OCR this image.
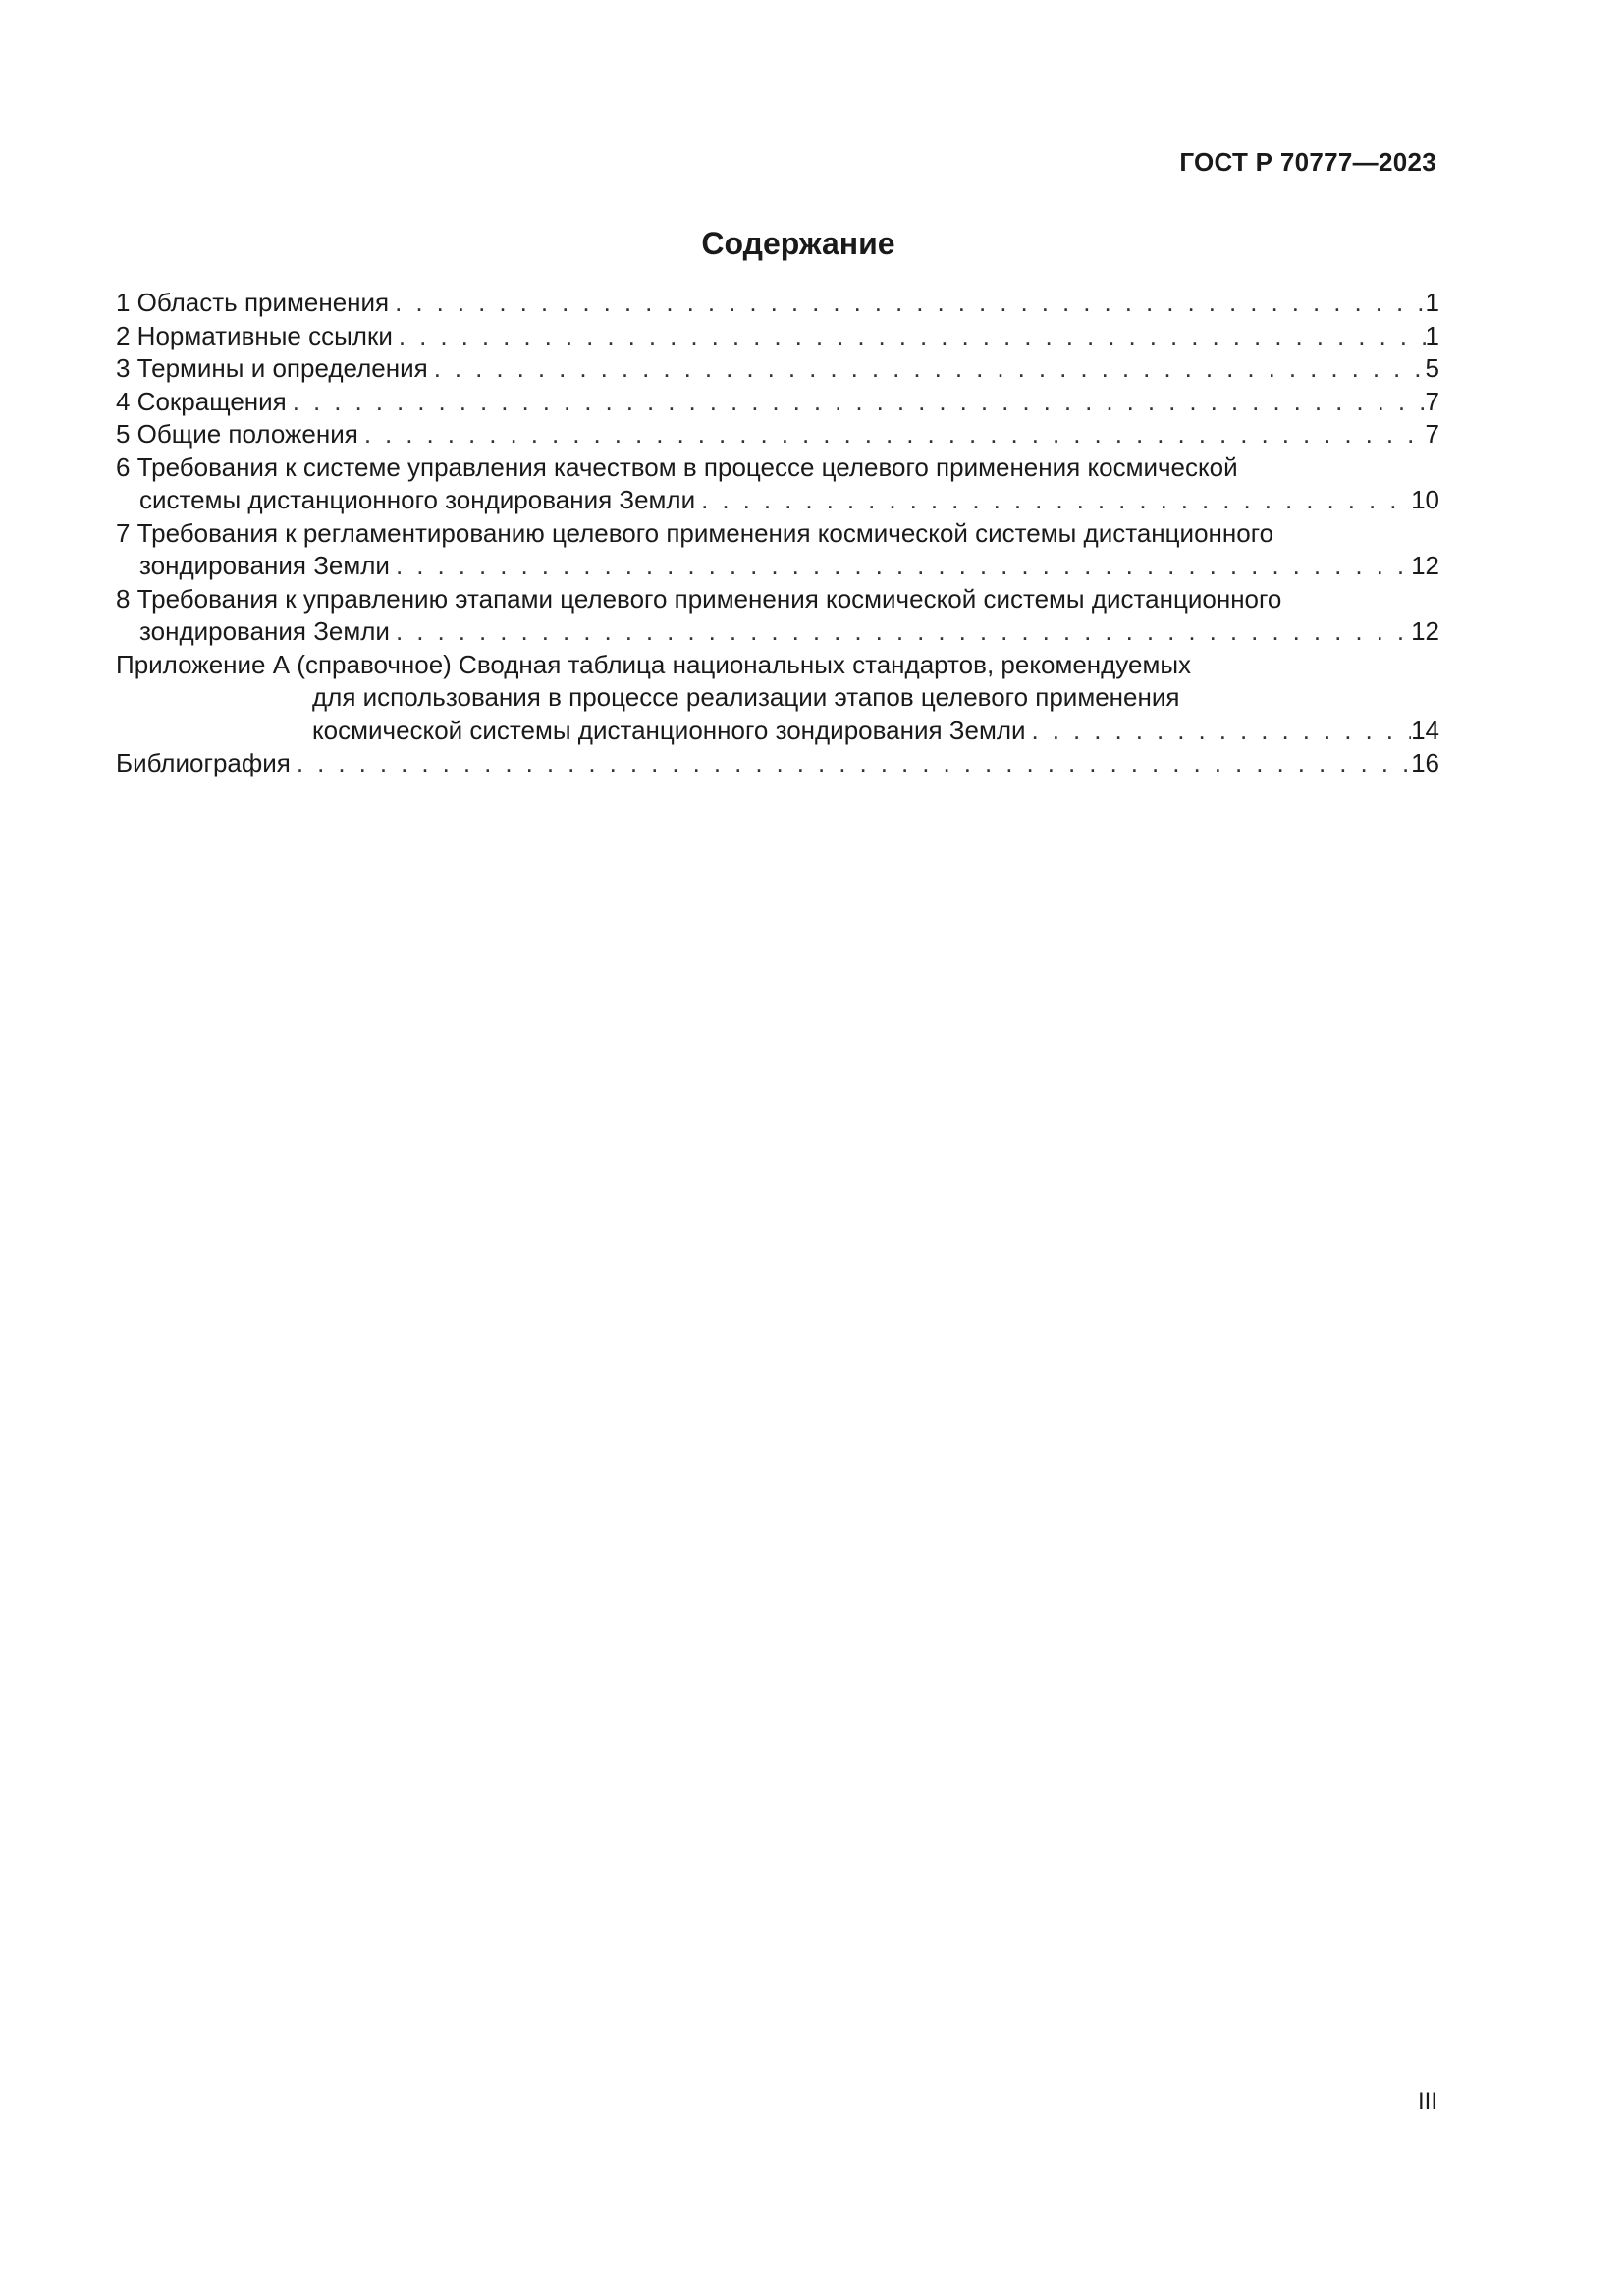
ГОСТ Р 70777—2023
Содержание
1 Область применения . . .	1
2 Нормативные ссылки . . .	1
3 Термины и определения . . .	5
4 Сокращения . . .	7
5 Общие положения . . .	7
6 Требования к системе управления качеством в процессе целевого применения космической
системы дистанционного зондирования Земли . . .	10
7 Требования к регламентированию целевого применения космической системы дистанционного
зондирования Земли . . .	12
8 Требования к управлению этапами целевого применения космической системы дистанционного
зондирования Земли . . .	12
Приложение А (справочное) Сводная таблица национальных стандартов, рекомендуемых
для использования в процессе реализации этапов целевого применения
космической системы дистанционного зондирования Земли . . .	14
Библиография . . .	16
III
